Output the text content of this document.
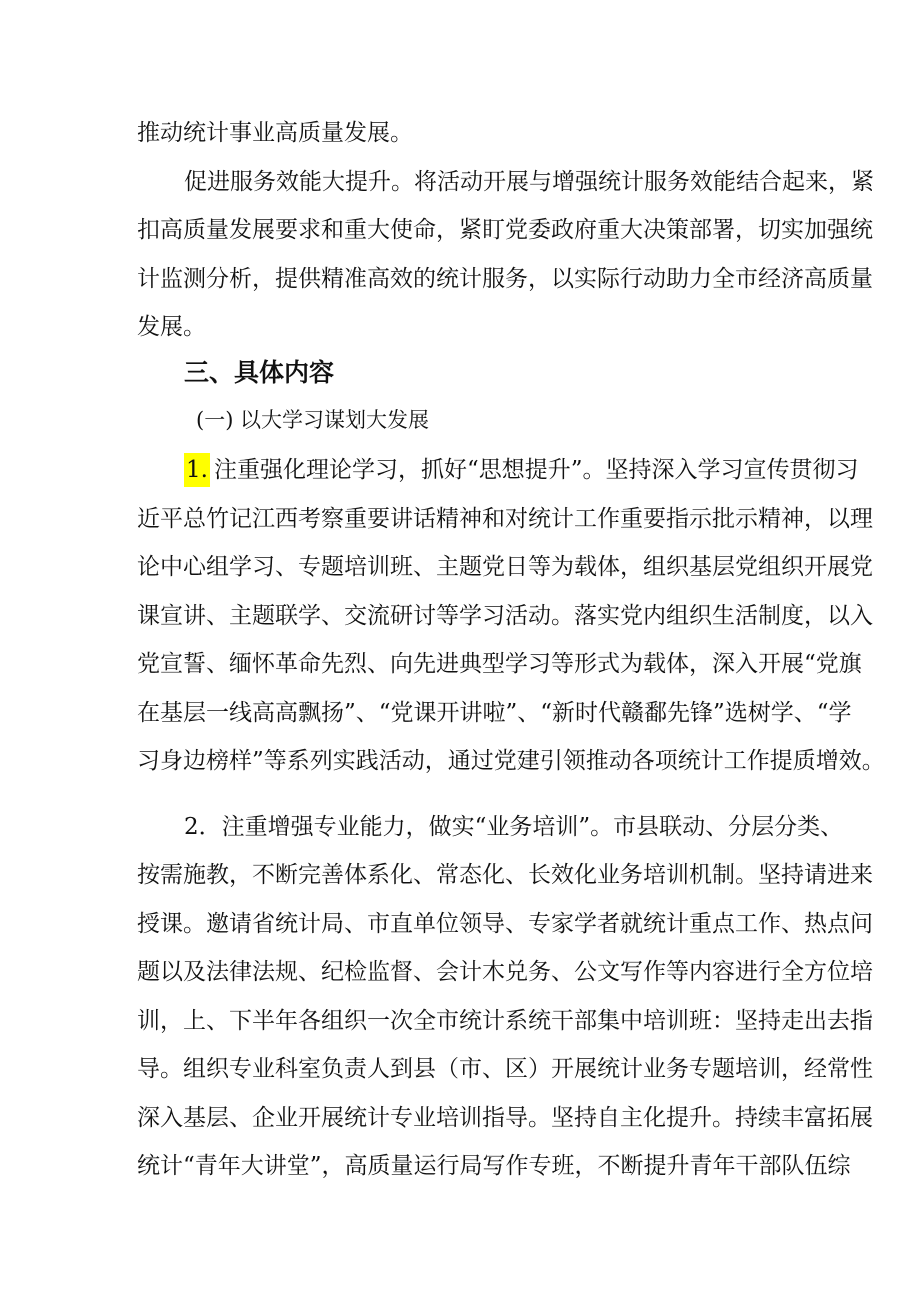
推动统计事业高质量发展。
促进服务效能大提升。将活动开展与增强统计服务效能结合起来，紧
扣高质量发展要求和重大使命，紧盯党委政府重大决策部署，切实加强统
计监测分析，提供精准高效的统计服务，以实际行动助力全市经济高质量
发展。
三、具体内容
(一) 以大学习谋划大发展
1. 注重强化理论学习，抓好“思想提升”。坚持深入学习宣传贯彻习
近平总竹记江西考察重要讲话精神和对统计工作重要指示批示精神，以理
论中心组学习、专题培训班、主题党日等为载体，组织基层党组织开展党
课宣讲、主题联学、交流研讨等学习活动。落实党内组织生活制度，以入
党宣誓、缅怀革命先烈、向先进典型学习等形式为载体，深入开展“党旗
在基层一线高高飘扬”、“党课开讲啦”、“新时代赣鄱先锋”选树学、“学
习身边榜样”等系列实践活动，通过党建引领推动各项统计工作提质增效。
2．注重增强专业能力，做实“业务培训”。市县联动、分层分类、
按需施教，不断完善体系化、常态化、长效化业务培训机制。坚持请进来
授课。邀请省统计局、市直单位领导、专家学者就统计重点工作、热点问
题以及法律法规、纪检监督、会计木兑务、公文写作等内容进行全方位培
训，上、下半年各组织一次全市统计系统干部集中培训班：坚持走出去指
导。组织专业科室负责人到县（市、区）开展统计业务专题培训，经常性
深入基层、企业开展统计专业培训指导。坚持自主化提升。持续丰富拓展
统计“青年大讲堂”，高质量运行局写作专班，不断提升青年干部队伍综
